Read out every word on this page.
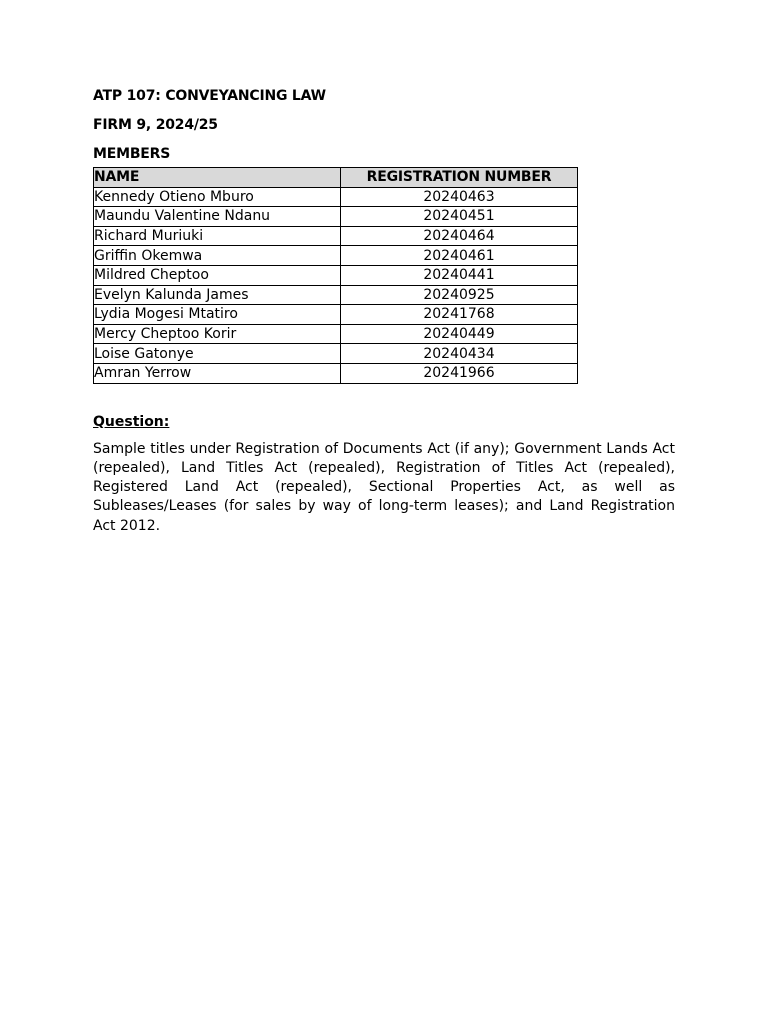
ATP 107: CONVEYANCING LAW

FIRM 9, 2024/25

MEMBERS

NAME	REGISTRATION NUMBER
Kennedy Otieno Mburo	20240463
Maundu Valentine Ndanu	20240451
Richard Muriuki	20240464
Griffin Okemwa	20240461
Mildred Cheptoo	20240441
Evelyn Kalunda James	20240925
Lydia Mogesi Mtatiro	20241768
Mercy Cheptoo Korir	20240449
Loise Gatonye	20240434
Amran Yerrow	20241966
Question:
Sample titles under Registration of Documents Act (if any); Government Lands Act (repealed), Land Titles Act (repealed), Registration of Titles Act (repealed), Registered Land Act (repealed), Sectional Properties Act, as well as Subleases/Leases (for sales by way of long-term leases); and Land Registration Act 2012.
